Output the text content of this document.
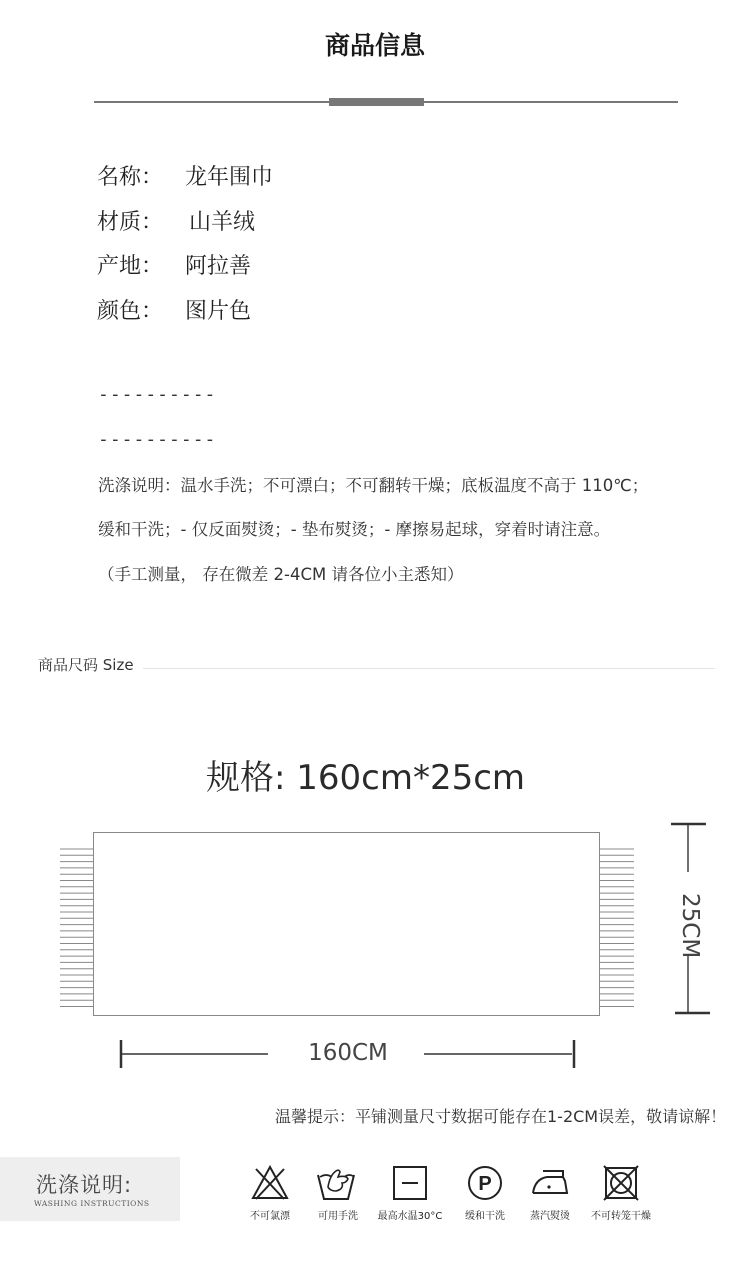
商品信息
名称： 龙年围巾
材质： 山羊绒
产地： 阿拉善
颜色： 图片色
----------
----------
洗涤说明：温水手洗；不可漂白；不可翻转干燥；底板温度不高于 110℃；
缓和干洗；- 仅反面熨烫；- 垫布熨烫；- 摩擦易起球，穿着时请注意。
（手工测量， 存在微差 2-4CM 请各位小主悉知）
商品尺码 Size
规格: 160cm*25cm
160CM
25CM
温馨提示：平铺测量尺寸数据可能存在1-2CM误差，敬请谅解！
洗涤说明:
WASHING INSTRUCTIONS
P
不可氯漂	可用手洗	最高水温30°C	缓和干洗	蒸汽熨烫	不可转笼干燥
